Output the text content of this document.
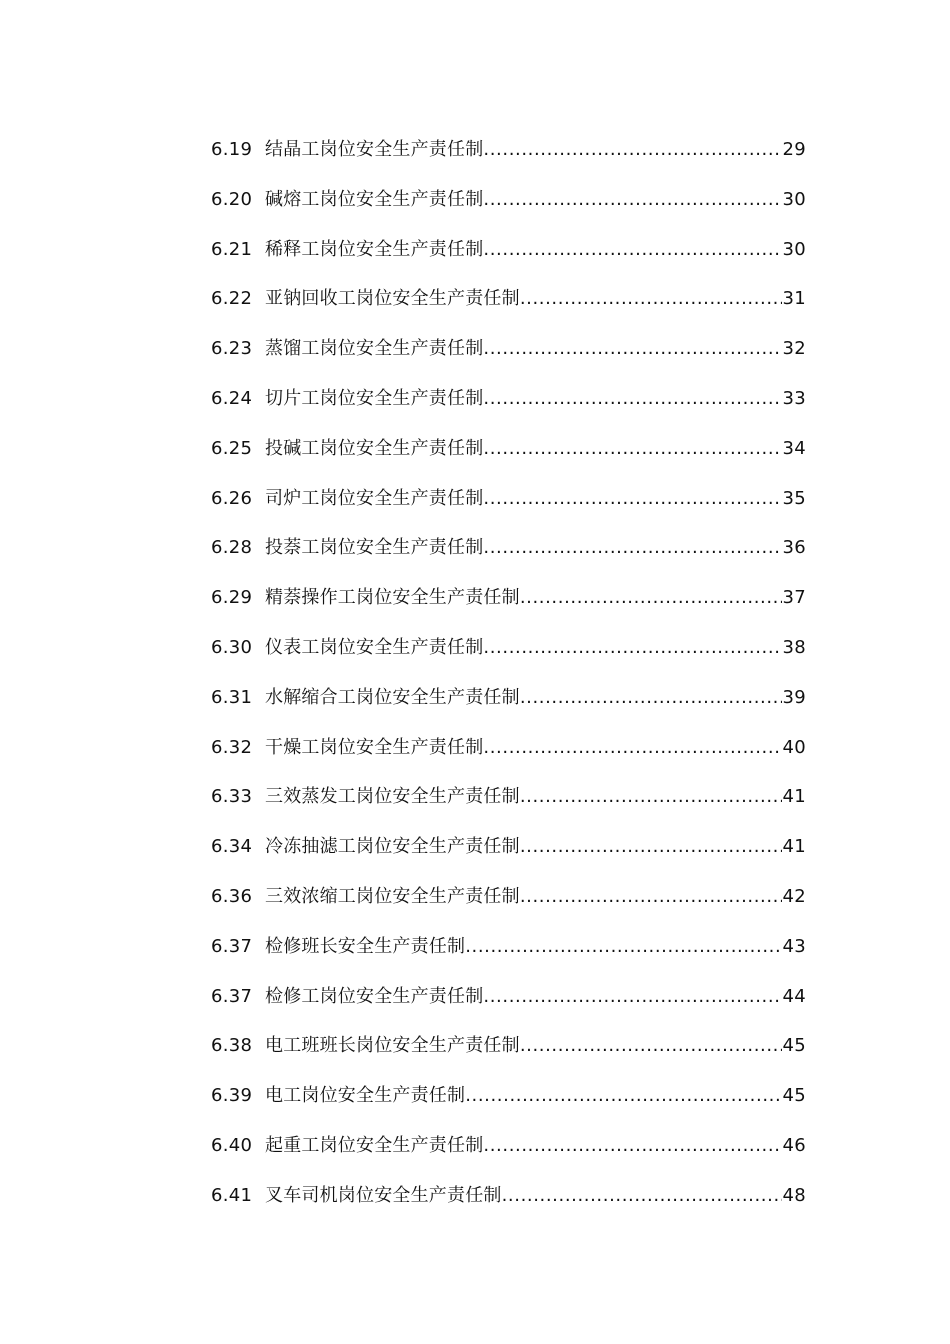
6.19 结晶工岗位安全生产责任制 .....	29
6.20 碱熔工岗位安全生产责任制 .....	30
6.21 稀释工岗位安全生产责任制 .....	30
6.22 亚钠回收工岗位安全生产责任制 .....	31
6.23 蒸馏工岗位安全生产责任制 .....	32
6.24 切片工岗位安全生产责任制 .....	33
6.25 投碱工岗位安全生产责任制 .....	34
6.26 司炉工岗位安全生产责任制 .....	35
6.28 投萘工岗位安全生产责任制 .....	36
6.29 精萘操作工岗位安全生产责任制 .....	37
6.30 仪表工岗位安全生产责任制 .....	38
6.31 水解缩合工岗位安全生产责任制 .....	39
6.32 干燥工岗位安全生产责任制 .....	40
6.33 三效蒸发工岗位安全生产责任制 .....	41
6.34 冷冻抽滤工岗位安全生产责任制 .....	41
6.36 三效浓缩工岗位安全生产责任制 .....	42
6.37 检修班长安全生产责任制 .....	43
6.37 检修工岗位安全生产责任制 .....	44
6.38 电工班班长岗位安全生产责任制 .....	45
6.39 电工岗位安全生产责任制 .....	45
6.40 起重工岗位安全生产责任制 .....	46
6.41 叉车司机岗位安全生产责任制 .....	48
